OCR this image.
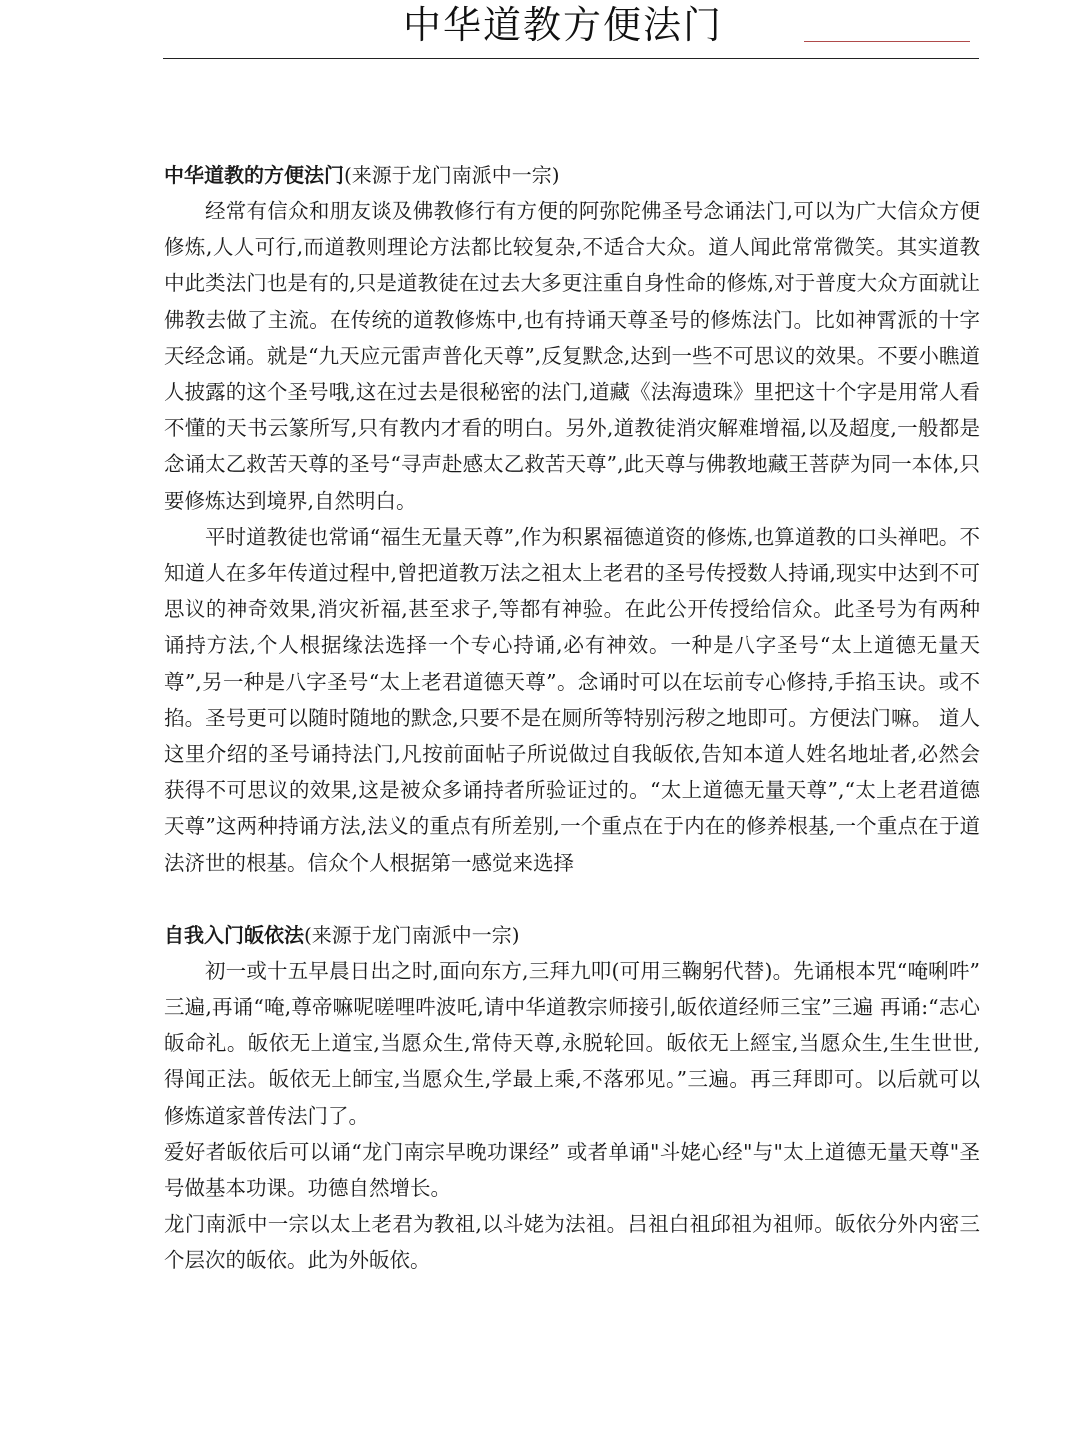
中华道教方便法门

中华道教的方便法门(来源于龙门南派中一宗)

经常有信众和朋友谈及佛教修行有方便的阿弥陀佛圣号念诵法门,可以为广大信众方便修炼,人人可行,而道教则理论方法都比较复杂,不适合大众。道人闻此常常微笑。其实道教中此类法门也是有的,只是道教徒在过去大多更注重自身性命的修炼,对于普度大众方面就让佛教去做了主流。在传统的道教修炼中,也有持诵天尊圣号的修炼法门。比如神霄派的十字天经念诵。就是“九天应元雷声普化天尊”,反复默念,达到一些不可思议的效果。不要小瞧道人披露的这个圣号哦,这在过去是很秘密的法门,道藏《法海遗珠》里把这十个字是用常人看不懂的天书云篆所写,只有教内才看的明白。另外,道教徒消灾解难增福,以及超度,一般都是念诵太乙救苦天尊的圣号“寻声赴感太乙救苦天尊”,此天尊与佛教地藏王菩萨为同一本体,只要修炼达到境界,自然明白。

平时道教徒也常诵“福生无量天尊”,作为积累福德道资的修炼,也算道教的口头禅吧。不知道人在多年传道过程中,曾把道教万法之祖太上老君的圣号传授数人持诵,现实中达到不可思议的神奇效果,消灾祈福,甚至求子,等都有神验。在此公开传授给信众。此圣号为有两种诵持方法,个人根据缘法选择一个专心持诵,必有神效。一种是八字圣号“太上道德无量天尊”,另一种是八字圣号“太上老君道德天尊”。念诵时可以在坛前专心修持,手掐玉诀。或不掐。圣号更可以随时随地的默念,只要不是在厕所等特别污秽之地即可。方便法门嘛。 道人这里介绍的圣号诵持法门,凡按前面帖子所说做过自我皈依,告知本道人姓名地址者,必然会获得不可思议的效果,这是被众多诵持者所验证过的。“太上道德无量天尊”,“太上老君道德天尊”这两种持诵方法,法义的重点有所差别,一个重点在于内在的修养根基,一个重点在于道法济世的根基。信众个人根据第一感觉来选择

自我入门皈依法(来源于龙门南派中一宗)

初一或十五早晨日出之时,面向东方,三拜九叩(可用三鞠躬代替)。先诵根本咒“唵唎吽” 三遍,再诵“唵,尊帝嘛呢嗟哩吽波吒,请中华道教宗师接引,皈依道经师三宝”三遍 再诵:“志心皈命礼。皈依无上道宝,当愿众生,常侍天尊,永脱轮回。皈依无上經宝,当愿众生,生生世世,得闻正法。皈依无上師宝,当愿众生,学最上乘,不落邪见。”三遍。再三拜即可。以后就可以修炼道家普传法门了。

爱好者皈依后可以诵“龙门南宗早晚功课经” 或者单诵"斗姥心经"与"太上道德无量天尊"圣号做基本功课。功德自然增长。

龙门南派中一宗以太上老君为教祖,以斗姥为法祖。吕祖白祖邱祖为祖师。皈依分外内密三个层次的皈依。此为外皈依。
